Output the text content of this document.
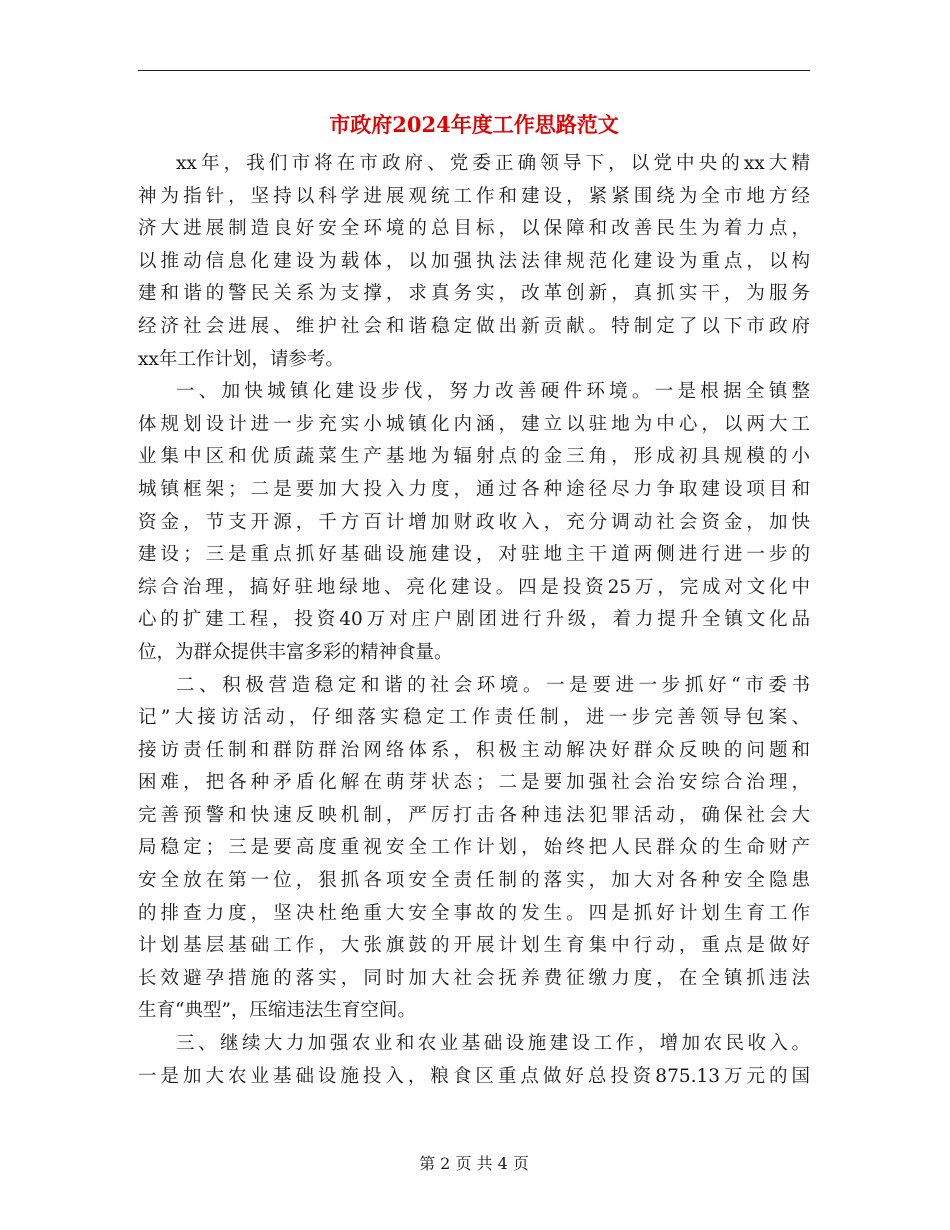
市政府2024年度工作思路范文
xx年，我们市将在市政府、党委正确领导下，以党中央的xx大精
神为指针，坚持以科学进展观统工作和建设，紧紧围绕为全市地方经
济大进展制造良好安全环境的总目标，以保障和改善民生为着力点，
以推动信息化建设为载体，以加强执法法律规范化建设为重点，以构
建和谐的警民关系为支撑，求真务实，改革创新，真抓实干，为服务
经济社会进展、维护社会和谐稳定做出新贡献。特制定了以下市政府
xx年工作计划，请参考。
一、加快城镇化建设步伐，努力改善硬件环境。一是根据全镇整
体规划设计进一步充实小城镇化内涵，建立以驻地为中心，以两大工
业集中区和优质蔬菜生产基地为辐射点的金三角，形成初具规模的小
城镇框架；二是要加大投入力度，通过各种途径尽力争取建设项目和
资金，节支开源，千方百计增加财政收入，充分调动社会资金，加快
建设；三是重点抓好基础设施建设，对驻地主干道两侧进行进一步的
综合治理，搞好驻地绿地、亮化建设。四是投资25万，完成对文化中
心的扩建工程，投资40万对庄户剧团进行升级，着力提升全镇文化品
位，为群众提供丰富多彩的精神食量。
二、积极营造稳定和谐的社会环境。一是要进一步抓好“市委书
记”大接访活动，仔细落实稳定工作责任制，进一步完善领导包案、
接访责任制和群防群治网络体系，积极主动解决好群众反映的问题和
困难，把各种矛盾化解在萌芽状态；二是要加强社会治安综合治理，
完善预警和快速反映机制，严厉打击各种违法犯罪活动，确保社会大
局稳定；三是要高度重视安全工作计划，始终把人民群众的生命财产
安全放在第一位，狠抓各项安全责任制的落实，加大对各种安全隐患
的排查力度，坚决杜绝重大安全事故的发生。四是抓好计划生育工作
计划基层基础工作，大张旗鼓的开展计划生育集中行动，重点是做好
长效避孕措施的落实，同时加大社会抚养费征缴力度，在全镇抓违法
生育“典型”，压缩违法生育空间。
三、继续大力加强农业和农业基础设施建设工作，增加农民收入。
一是加大农业基础设施投入，粮食区重点做好总投资875.13万元的国
第 2 页 共 4 页
